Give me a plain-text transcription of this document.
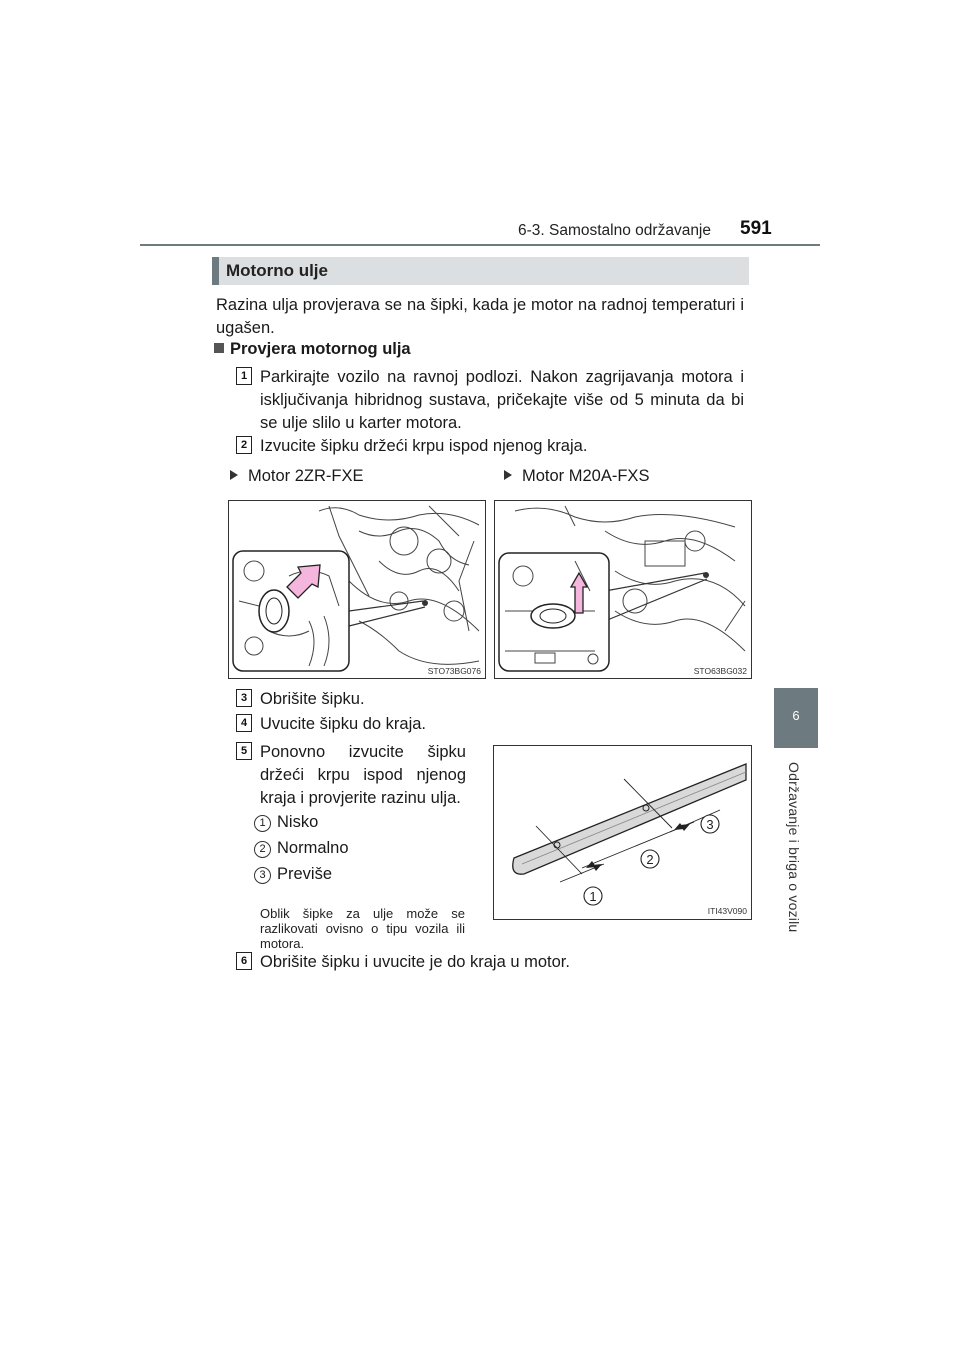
6-3. Samostalno održavanje 591
6
Održavanje i briga o vozilu
Motorno ulje

Razina ulja provjerava se na šipki, kada je motor na radnoj temperaturi i ugašen.

Provjera motornog ulja
1 Parkirajte vozilo na ravnoj podlozi. Nakon zagrijavanja motora i isključivanja hibridnog sustava, pričekajte više od 5 minuta da bi se ulje slilo u karter motora.

2 Izvucite šipku držeći krpu ispod njenog kraja.
Motor 2ZR-FXE	Motor M20A-FXS
STO73BG076	STO63BG032
3 Obrišite šipku.
4 Uvucite šipku do kraja.
5 Ponovno izvucite šipku držeći krpu ispod njenog kraja i provjerite razinu ulja.

1 Nisko
2 Normalno
3 Previše

Oblik šipke za ulje može se razlikovati ovisno o tipu vozila ili motora.

1
2
3
ITI43V090
6 Obrišite šipku i uvucite je do kraja u motor.
